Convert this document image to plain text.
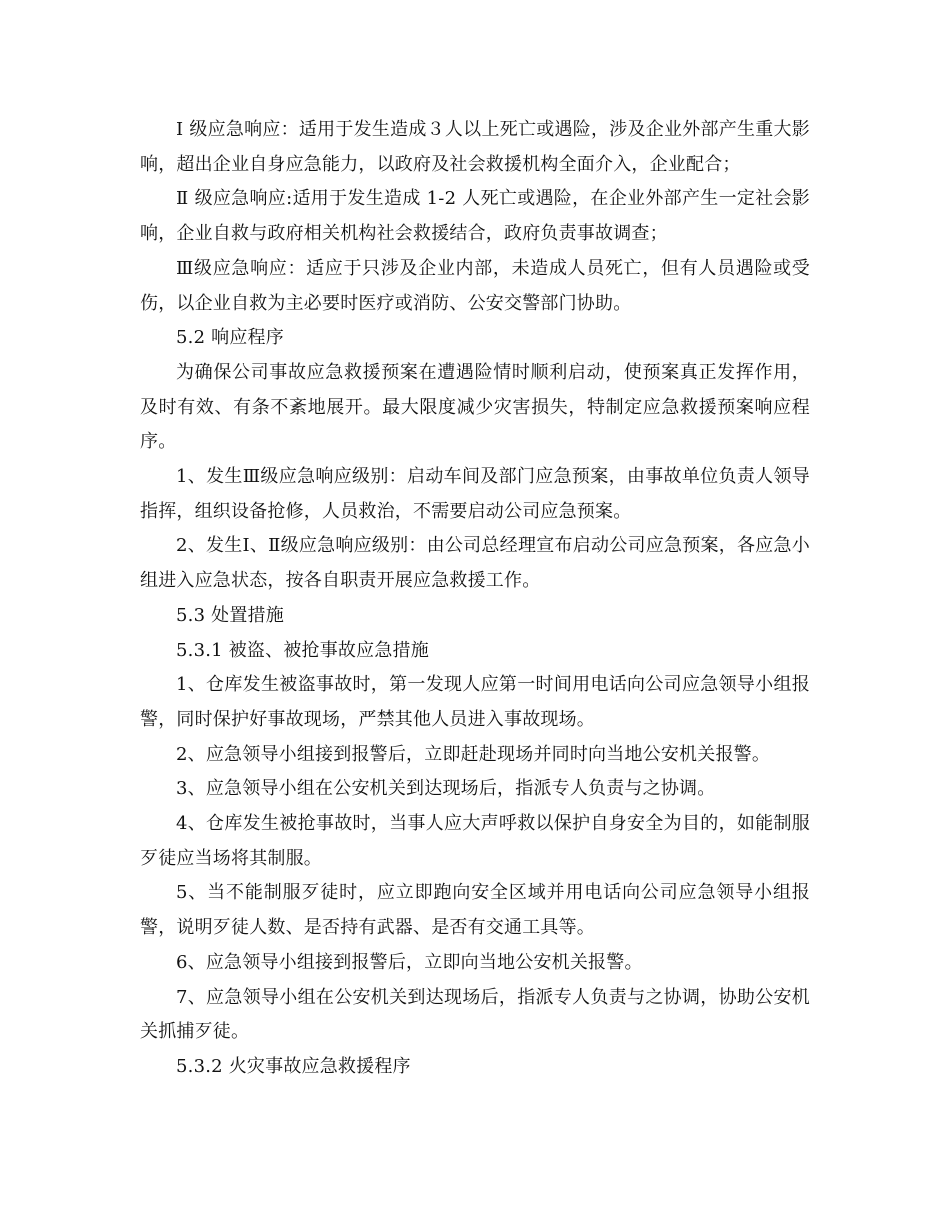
Ⅰ 级应急响应：适用于发生造成３人以上死亡或遇险，涉及企业外部产生重大影响，超出企业自身应急能力，以政府及社会救援机构全面介入，企业配合；

Ⅱ 级应急响应:适用于发生造成 1-2 人死亡或遇险，在企业外部产生一定社会影响，企业自救与政府相关机构社会救援结合，政府负责事故调查；

Ⅲ级应急响应：适应于只涉及企业内部，未造成人员死亡，但有人员遇险或受伤，以企业自救为主必要时医疗或消防、公安交警部门协助。

5.2 响应程序

为确保公司事故应急救援预案在遭遇险情时顺利启动，使预案真正发挥作用，及时有效、有条不紊地展开。最大限度减少灾害损失，特制定应急救援预案响应程序。

1、发生Ⅲ级应急响应级别：启动车间及部门应急预案，由事故单位负责人领导指挥，组织设备抢修，人员救治，不需要启动公司应急预案。

2、发生Ⅰ、Ⅱ级应急响应级别：由公司总经理宣布启动公司应急预案，各应急小组进入应急状态，按各自职责开展应急救援工作。

5.3 处置措施

5.3.1 被盗、被抢事故应急措施

1、仓库发生被盗事故时，第一发现人应第一时间用电话向公司应急领导小组报警，同时保护好事故现场，严禁其他人员进入事故现场。

2、应急领导小组接到报警后，立即赶赴现场并同时向当地公安机关报警。

3、应急领导小组在公安机关到达现场后，指派专人负责与之协调。

4、仓库发生被抢事故时，当事人应大声呼救以保护自身安全为目的，如能制服歹徒应当场将其制服。

5、当不能制服歹徒时，应立即跑向安全区域并用电话向公司应急领导小组报警，说明歹徒人数、是否持有武器、是否有交通工具等。

6、应急领导小组接到报警后，立即向当地公安机关报警。

7、应急领导小组在公安机关到达现场后，指派专人负责与之协调，协助公安机关抓捕歹徒。

5.3.2 火灾事故应急救援程序
